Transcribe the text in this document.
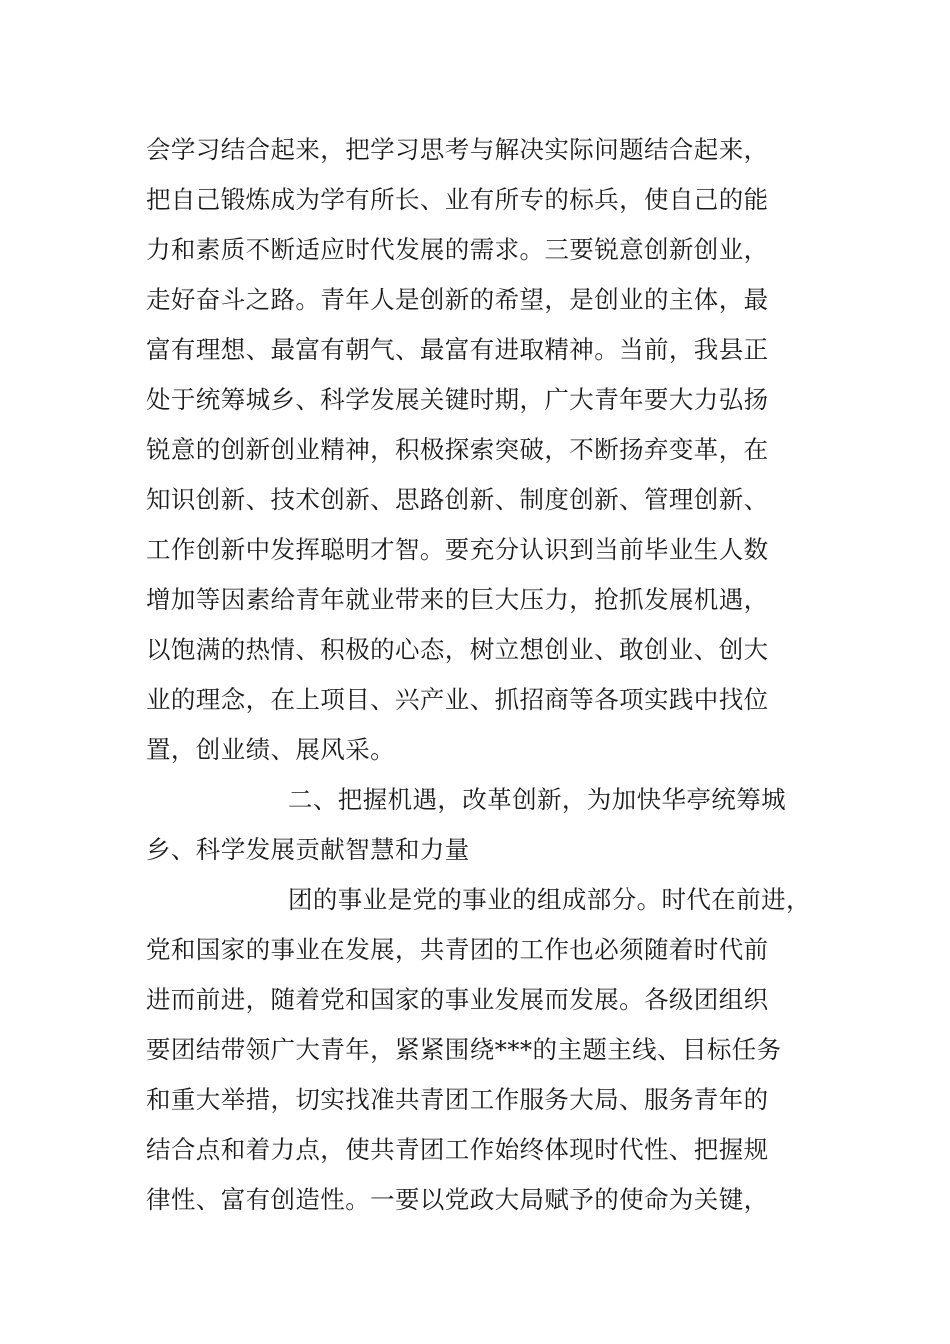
会学习结合起来，把学习思考与解决实际问题结合起来，
把自己锻炼成为学有所长、业有所专的标兵，使自己的能
力和素质不断适应时代发展的需求。三要锐意创新创业，
走好奋斗之路。青年人是创新的希望，是创业的主体，最
富有理想、最富有朝气、最富有进取精神。当前，我县正
处于统筹城乡、科学发展关键时期，广大青年要大力弘扬
锐意的创新创业精神，积极探索突破，不断扬弃变革，在
知识创新、技术创新、思路创新、制度创新、管理创新、
工作创新中发挥聪明才智。要充分认识到当前毕业生人数
增加等因素给青年就业带来的巨大压力，抢抓发展机遇，
以饱满的热情、积极的心态，树立想创业、敢创业、创大
业的理念，在上项目、兴产业、抓招商等各项实践中找位
置，创业绩、展风采。
二、把握机遇，改革创新，为加快华亭统筹城
乡、科学发展贡献智慧和力量
团的事业是党的事业的组成部分。时代在前进，
党和国家的事业在发展，共青团的工作也必须随着时代前
进而前进，随着党和国家的事业发展而发展。各级团组织
要团结带领广大青年，紧紧围绕***的主题主线、目标任务
和重大举措，切实找准共青团工作服务大局、服务青年的
结合点和着力点，使共青团工作始终体现时代性、把握规
律性、富有创造性。一要以党政大局赋予的使命为关键，
